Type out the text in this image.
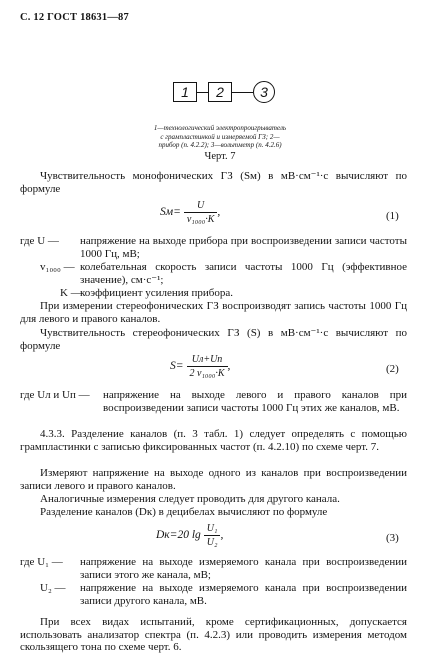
С. 12 ГОСТ 18631—87
1	2	3
1—технологический электропроигрыватель
с грампластинкой и измеряемой ГЗ; 2—
прибор (п. 4.2.2); 3—вольтметр (п. 4.2.6)
Черт. 7
Чувствительность монофонических ГЗ (Sм) в мВ·см⁻¹·с вычисляют по формуле
$Sм= \frac{U}{\text{v₁₀₀₀·K}}$ ,	(1)
где U — напряжение на выходе прибора при воспроизведении записи частоты 1000 Гц, мВ;
v₁₀₀₀ — колебательная скорость записи частоты 1000 Гц (эффективное значение), см·с⁻¹;
K —
коэффициент усиления прибора.
При измерении стереофонических ГЗ воспроизводят запись частоты 1000 Гц для левого и правого каналов.
Чувствительность стереофонических ГЗ (S) в мВ·см⁻¹·с вычисляют по формуле
$S= \frac{Uл+Uп}{\text{2 v₁₀₀₀·K}}$ ,	(2)
где Uл и Uп — напряжение на выходе левого и правого каналов при воспроизведении записи частоты 1000 Гц этих же каналов, мВ.
4.3.3. Разделение каналов (п. 3 табл. 1) следует определять с помощью грампластинки с записью фиксированных частот (п. 4.2.10) по схеме черт. 7.
Измеряют напряжение на выходе одного из каналов при воспроизведении записи левого и правого каналов.
Аналогичные измерения следует проводить для другого канала.
Разделение каналов (Dк) в децибелах вычисляют по формуле
Dк=20 $\lg \frac{\text{U₁}}{\text{U₂}}$ ,	(3)
где U₁ — напряжение на выходе измеряемого канала при воспроизведении записи этого же канала, мВ;
U₂ — напряжение на выходе измеряемого канала при воспроизведении записи другого канала, мВ.
При всех видах испытаний, кроме сертификационных, допускается использовать анализатор спектра (п. 4.2.3) или проводить измерения методом скользящего тона по схеме черт. 6.
